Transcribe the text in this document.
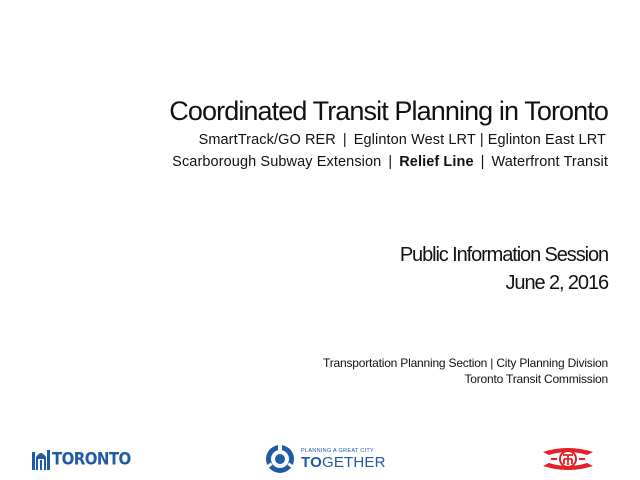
Coordinated Transit Planning in Toronto
SmartTrack/GO RER | Eglinton West LRT | Eglinton East LRT
Scarborough Subway Extension | Relief Line | Waterfront Transit
Public Information Session
June 2, 2016
Transportation Planning Section | City Planning Division
Toronto Transit Commission
TORONTO	PLANNING A GREAT CITY
TOGETHER
